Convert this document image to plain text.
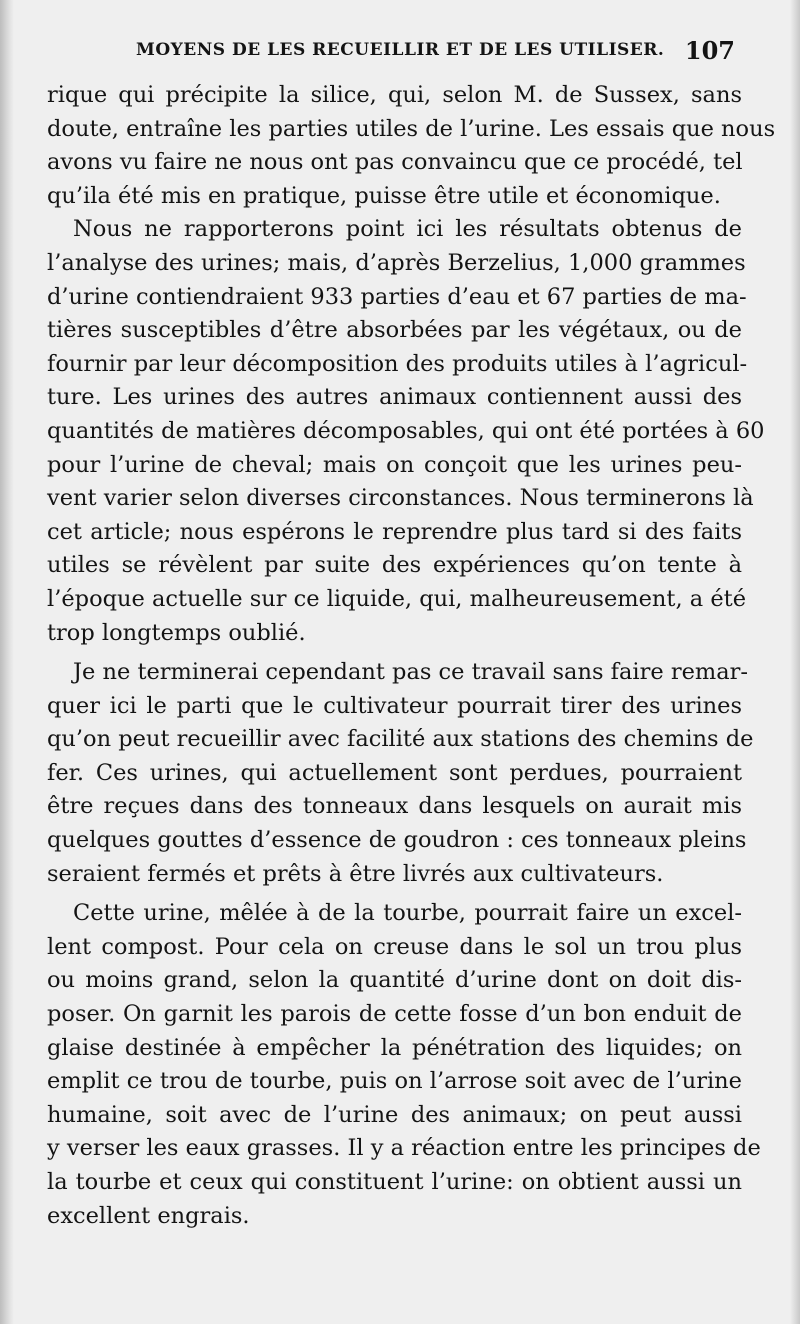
MOYENS DE LES RECUEILLIR ET DE LES UTILISER. 107
rique qui précipite la silice, qui, selon M. de Sussex, sans
doute, entraîne les parties utiles de l’urine. Les essais que nous
avons vu faire ne nous ont pas convaincu que ce procédé, tel
qu’ila été mis en pratique, puisse être utile et économique.
Nous ne rapporterons point ici les résultats obtenus de
l’analyse des urines; mais, d’après Berzelius, 1,000 grammes
d’urine contiendraient 933 parties d’eau et 67 parties de ma-
tières susceptibles d’être absorbées par les végétaux, ou de
fournir par leur décomposition des produits utiles à l’agricul-
ture. Les urines des autres animaux contiennent aussi des
quantités de matières décomposables, qui ont été portées à 60
pour l’urine de cheval; mais on conçoit que les urines peu-
vent varier selon diverses circonstances. Nous terminerons là
cet article; nous espérons le reprendre plus tard si des faits
utiles se révèlent par suite des expériences qu’on tente à
l’époque actuelle sur ce liquide, qui, malheureusement, a été
trop longtemps oublié.
Je ne terminerai cependant pas ce travail sans faire remar-
quer ici le parti que le cultivateur pourrait tirer des urines
qu’on peut recueillir avec facilité aux stations des chemins de
fer. Ces urines, qui actuellement sont perdues, pourraient
être reçues dans des tonneaux dans lesquels on aurait mis
quelques gouttes d’essence de goudron : ces tonneaux pleins
seraient fermés et prêts à être livrés aux cultivateurs.
Cette urine, mêlée à de la tourbe, pourrait faire un excel-
lent compost. Pour cela on creuse dans le sol un trou plus
ou moins grand, selon la quantité d’urine dont on doit dis-
poser. On garnit les parois de cette fosse d’un bon enduit de
glaise destinée à empêcher la pénétration des liquides; on
emplit ce trou de tourbe, puis on l’arrose soit avec de l’urine
humaine, soit avec de l’urine des animaux; on peut aussi
y verser les eaux grasses. Il y a réaction entre les principes de
la tourbe et ceux qui constituent l’urine: on obtient aussi un
excellent engrais.
